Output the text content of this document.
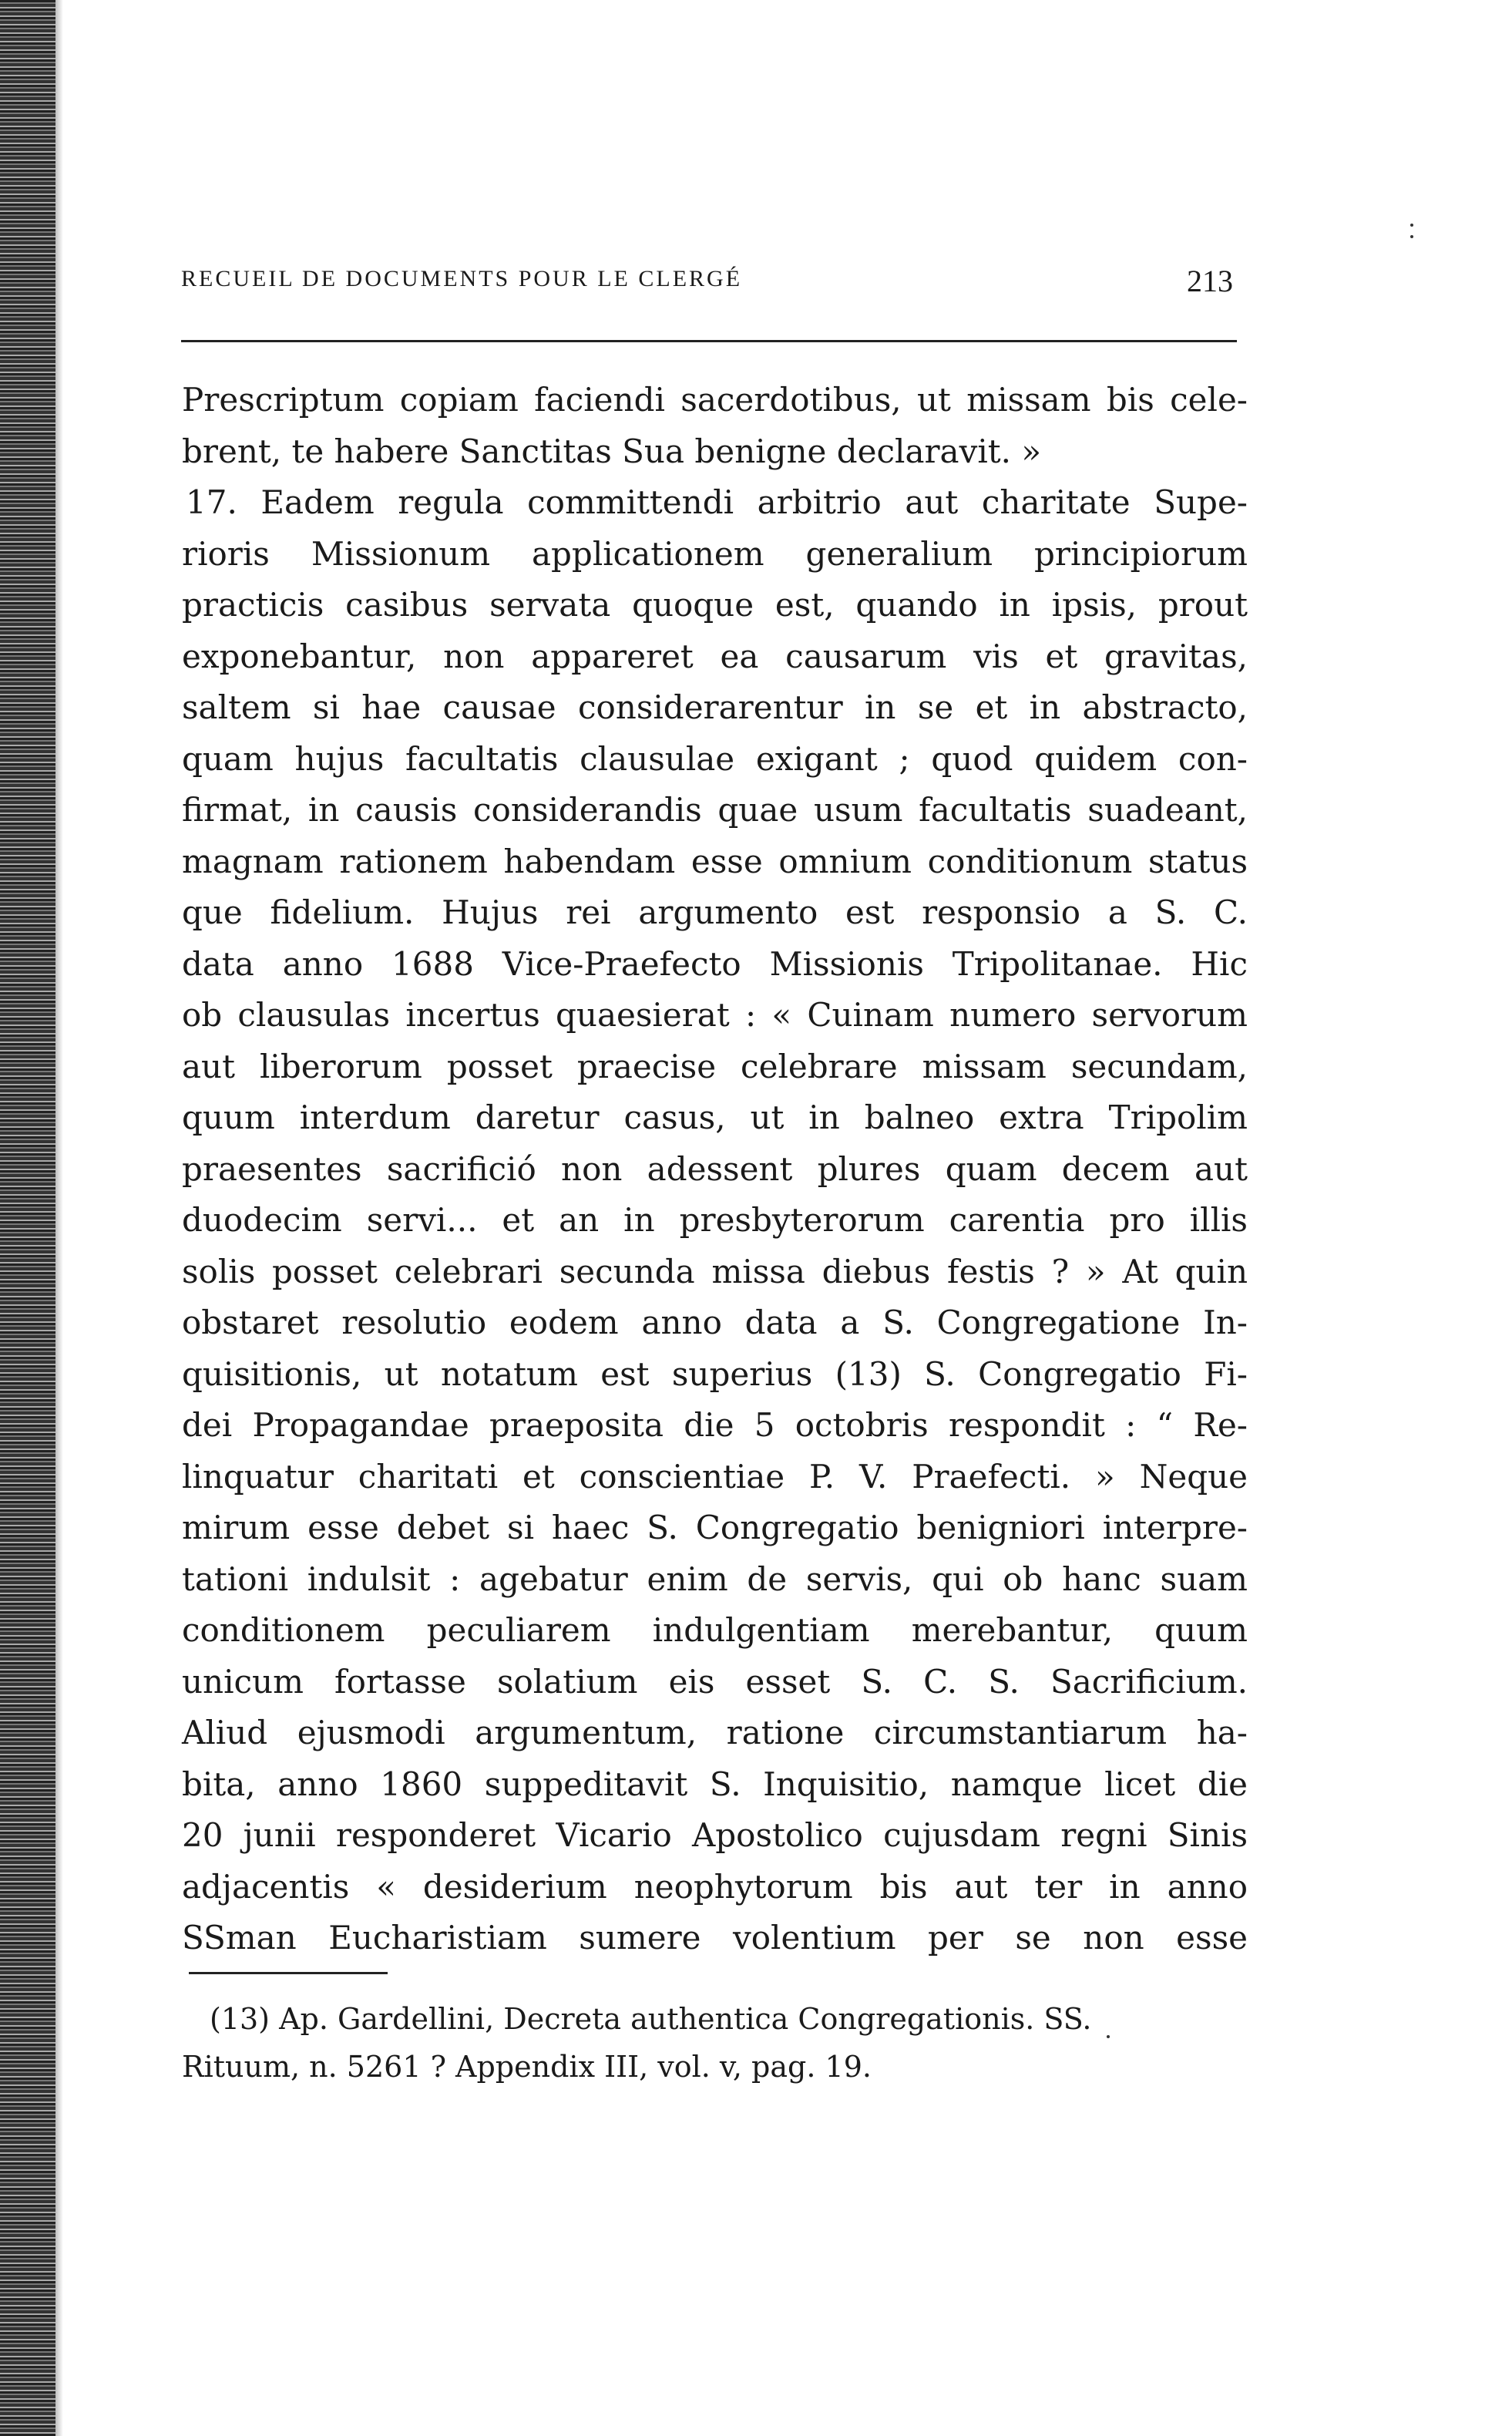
RECUEIL DE DOCUMENTS POUR LE CLERGÉ	213
Prescriptum copiam faciendi sacerdotibus, ut missam bis cele-
brent, te habere Sanctitas Sua benigne declaravit. »
17. Eadem regula committendi arbitrio aut charitate Supe-
rioris Missionum applicationem generalium principiorum
practicis casibus servata quoque est, quando in ipsis, prout
exponebantur, non appareret ea causarum vis et gravitas,
saltem si hae causae considerarentur in se et in abstracto,
quam hujus facultatis clausulae exigant ; quod quidem con-
firmat, in causis considerandis quae usum facultatis suadeant,
magnam rationem habendam esse omnium conditionum status
que fidelium. Hujus rei argumento est responsio a S. C.
data anno 1688 Vice-Praefecto Missionis Tripolitanae. Hic
ob clausulas incertus quaesierat : « Cuinam numero servorum
aut liberorum posset praecise celebrare missam secundam,
quum interdum daretur casus, ut in balneo extra Tripolim
praesentes sacrifició non adessent plures quam decem aut
duodecim servi... et an in presbyterorum carentia pro illis
solis posset celebrari secunda missa diebus festis ? » At quin
obstaret resolutio eodem anno data a S. Congregatione In-
quisitionis, ut notatum est superius (13) S. Congregatio Fi-
dei Propagandae praeposita die 5 octobris respondit : “ Re-
linquatur charitati et conscientiae P. V. Praefecti. » Neque
mirum esse debet si haec S. Congregatio benigniori interpre-
tationi indulsit : agebatur enim de servis, qui ob hanc suam
conditionem peculiarem indulgentiam merebantur, quum
unicum fortasse solatium eis esset S. C. S. Sacrificium.
Aliud ejusmodi argumentum, ratione circumstantiarum ha-
bita, anno 1860 suppeditavit S. Inquisitio, namque licet die
20 junii responderet Vicario Apostolico cujusdam regni Sinis
adjacentis « desiderium neophytorum bis aut ter in anno
SSman Eucharistiam sumere volentium per se non esse
(13) Ap. Gardellini, Decreta authentica Congregationis. SS.
Rituum, n. 5261 ? Appendix III, vol. v, pag. 19.
